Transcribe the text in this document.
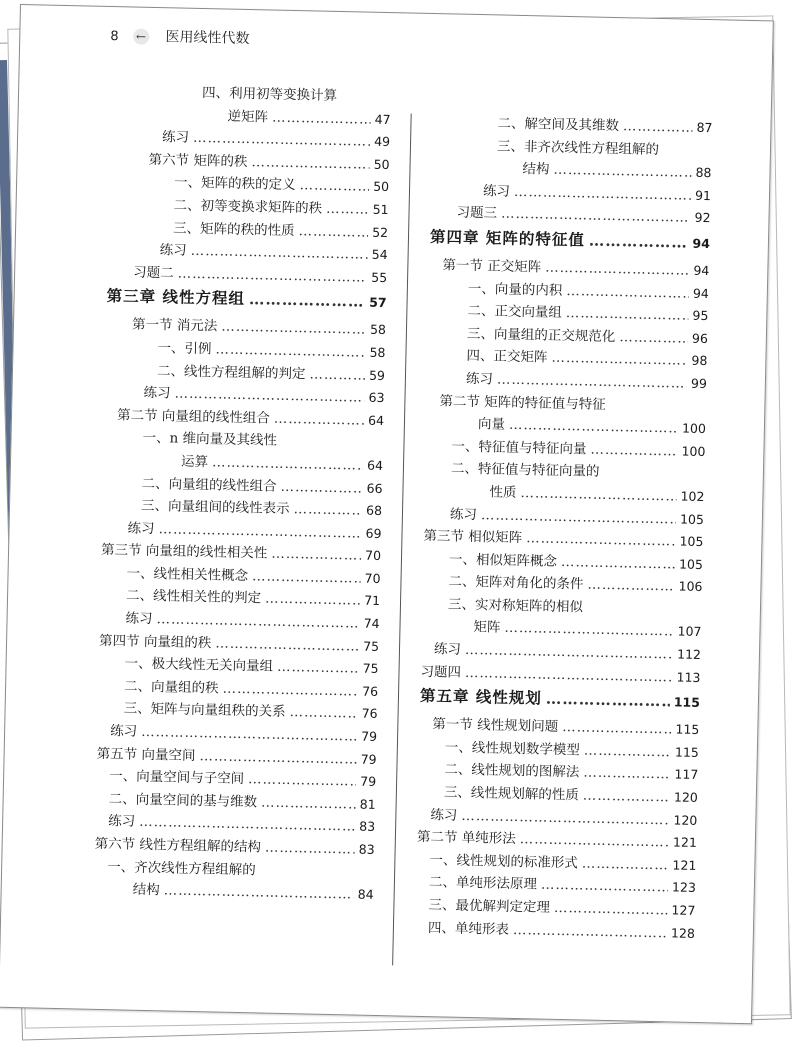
8 ← 医用线性代数
四、利用初等变换计算
逆矩阵 ………………………………………………………………………………………………	47
练习 ………………………………………………………………………………………………	49
第六节 矩阵的秩 ………………………………………………………………………………………………	50
一、矩阵的秩的定义 ………………………………………………………………………………………………	50
二、初等变换求矩阵的秩 ………………………………………………………………………………………………	51
三、矩阵的秩的性质 ………………………………………………………………………………………………	52
练习 ………………………………………………………………………………………………	54
习题二 ………………………………………………………………………………………………	55
第三章 线性方程组 ………………………………………………………………………………………………	57
第一节 消元法 ………………………………………………………………………………………………	58
一、引例 ………………………………………………………………………………………………	58
二、线性方程组解的判定 ………………………………………………………………………………………………	59
练习 ………………………………………………………………………………………………	63
第二节 向量组的线性组合 ………………………………………………………………………………………………	64
一、n 维向量及其线性
运算 ………………………………………………………………………………………………	64
二、向量组的线性组合 ………………………………………………………………………………………………	66
三、向量组间的线性表示 ………………………………………………………………………………………………	68
练习 ………………………………………………………………………………………………	69
第三节 向量组的线性相关性 ………………………………………………………………………………………………	70
一、线性相关性概念 ………………………………………………………………………………………………	70
二、线性相关性的判定 ………………………………………………………………………………………………	71
练习 ………………………………………………………………………………………………	74
第四节 向量组的秩 ………………………………………………………………………………………………	75
一、极大线性无关向量组 ………………………………………………………………………………………………	75
二、向量组的秩 ………………………………………………………………………………………………	76
三、矩阵与向量组秩的关系 ………………………………………………………………………………………………	76
练习 ………………………………………………………………………………………………	79
第五节 向量空间 ………………………………………………………………………………………………	79
一、向量空间与子空间 ………………………………………………………………………………………………	79
二、向量空间的基与维数 ………………………………………………………………………………………………	81
练习 ………………………………………………………………………………………………	83
第六节 线性方程组解的结构 ………………………………………………………………………………………………	83
一、齐次线性方程组解的
结构 ………………………………………………………………………………………………	84
二、解空间及其维数 ………………………………………………………………………………………………	87
三、非齐次线性方程组解的
结构 ………………………………………………………………………………………………	88
练习 ………………………………………………………………………………………………	91
习题三 ………………………………………………………………………………………………	92
第四章 矩阵的特征值 ………………………………………………………………………………………………	94
第一节 正交矩阵 ………………………………………………………………………………………………	94
一、向量的内积 ………………………………………………………………………………………………	94
二、正交向量组 ………………………………………………………………………………………………	95
三、向量组的正交规范化 ………………………………………………………………………………………………	96
四、正交矩阵 ………………………………………………………………………………………………	98
练习 ………………………………………………………………………………………………	99
第二节 矩阵的特征值与特征
向量 ………………………………………………………………………………………………	100
一、特征值与特征向量 ………………………………………………………………………………………………	100
二、特征值与特征向量的
性质 ………………………………………………………………………………………………	102
练习 ………………………………………………………………………………………………	105
第三节 相似矩阵 ………………………………………………………………………………………………	105
一、相似矩阵概念 ………………………………………………………………………………………………	105
二、矩阵对角化的条件 ………………………………………………………………………………………………	106
三、实对称矩阵的相似
矩阵 ………………………………………………………………………………………………	107
练习 ………………………………………………………………………………………………	112
习题四 ………………………………………………………………………………………………	113
第五章 线性规划 ………………………………………………………………………………………………	115
第一节 线性规划问题 ………………………………………………………………………………………………	115
一、线性规划数学模型 ………………………………………………………………………………………………	115
二、线性规划的图解法 ………………………………………………………………………………………………	117
三、线性规划解的性质 ………………………………………………………………………………………………	120
练习 ………………………………………………………………………………………………	120
第二节 单纯形法 ………………………………………………………………………………………………	121
一、线性规划的标准形式 ………………………………………………………………………………………………	121
二、单纯形法原理 ………………………………………………………………………………………………	123
三、最优解判定定理 ………………………………………………………………………………………………	127
四、单纯形表 ………………………………………………………………………………………………	128
